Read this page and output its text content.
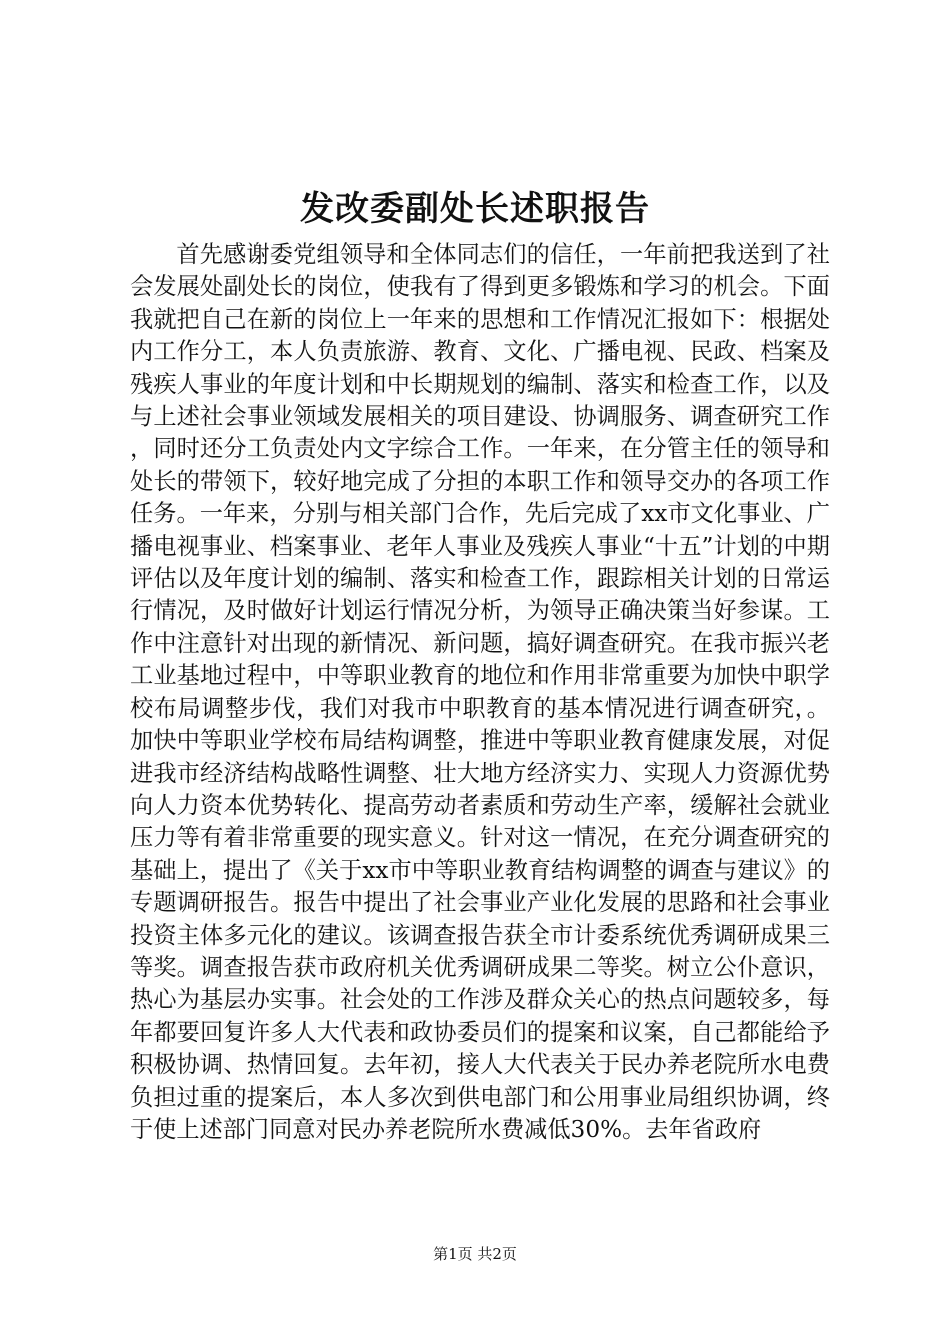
发改委副处长述职报告

首先感谢委党组领导和全体同志们的信任，一年前把我送到了社会发展处副处长的岗位，使我有了得到更多锻炼和学习的机会。下面我就把自己在新的岗位上一年来的思想和工作情况汇报如下：根据处内工作分工，本人负责旅游、教育、文化、广播电视、民政、档案及残疾人事业的年度计划和中长期规划的编制、落实和检查工作，以及与上述社会事业领域发展相关的项目建设、协调服务、调查研究工作，同时还分工负责处内文字综合工作。一年来，在分管主任的领导和处长的带领下，较好地完成了分担的本职工作和领导交办的各项工作任务。一年来，分别与相关部门合作，先后完成了xx市文化事业、广播电视事业、档案事业、老年人事业及残疾人事业“十五”计划的中期评估以及年度计划的编制、落实和检查工作，跟踪相关计划的日常运行情况，及时做好计划运行情况分析，为领导正确决策当好参谋。工作中注意针对出现的新情况、新问题，搞好调查研究。在我市振兴老工业基地过程中，中等职业教育的地位和作用非常重要为加快中职学校布局调整步伐，我们对我市中职教育的基本情况进行调查研究，。加快中等职业学校布局结构调整，推进中等职业教育健康发展，对促进我市经济结构战略性调整、壮大地方经济实力、实现人力资源优势向人力资本优势转化、提高劳动者素质和劳动生产率，缓解社会就业压力等有着非常重要的现实意义。针对这一情况，在充分调查研究的基础上，提出了《关于xx市中等职业教育结构调整的调查与建议》的专题调研报告。报告中提出了社会事业产业化发展的思路和社会事业投资主体多元化的建议。该调查报告获全市计委系统优秀调研成果三等奖。调查报告获市政府机关优秀调研成果二等奖。树立公仆意识，热心为基层办实事。社会处的工作涉及群众关心的热点问题较多，每年都要回复许多人大代表和政协委员们的提案和议案，自己都能给予积极协调、热情回复。去年初，接人大代表关于民办养老院所水电费负担过重的提案后，本人多次到供电部门和公用事业局组织协调，终于使上述部门同意对民办养老院所水费减低30%。去年省政府

第1页 共2页
